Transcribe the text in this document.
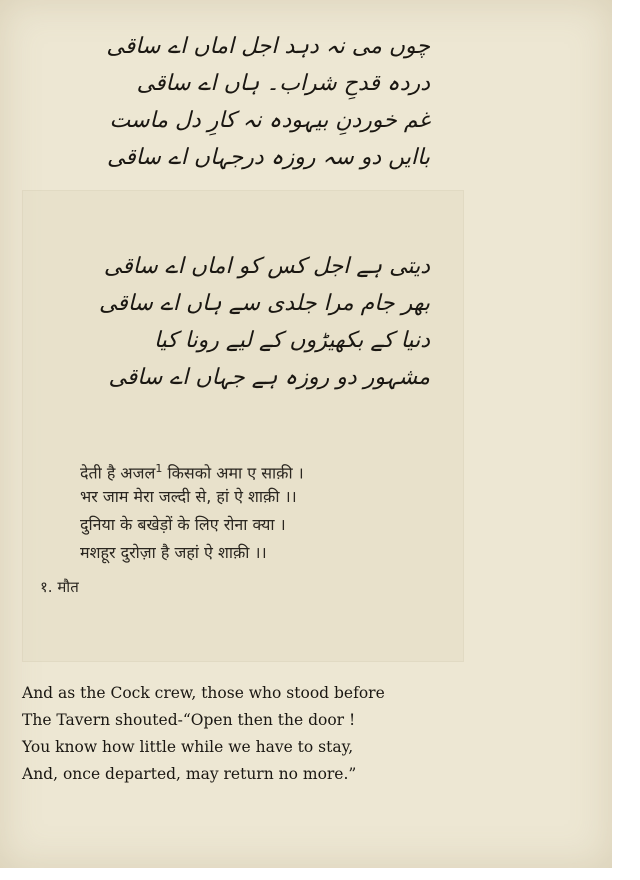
چوں می نہ دہد اجل اماں اے ساقی
دردہ قدحِ شراب۔ ہاں اے ساقی
غم خوردنِ بیہودہ نہ کارِ دل ماست
باایں دو سہ روزہ درجہاں اے ساقی
دیتی ہے اجل کس کو اماں اے ساقی
بھر جام مرا جلدی سے ہاں اے ساقی
دنیا کے بکھیڑوں کے لیے رونا کیا
مشہور دو روزہ ہے جہاں اے ساقی
देती है अजल$^1$ किसको अमा ए साक़ी ।
भर जाम मेरा जल्दी से, हां ऐ शाक़ी ।।
दुनिया के बखेड़ों के लिए रोना क्या ।
मशहूर दुरोज़ा है जहां ऐ शाक़ी ।।
१. मौत
And as the Cock crew, those who stood before
The Tavern shouted-“Open then the door !
You know how little while we have to stay,
And, once departed, may return no more.”
